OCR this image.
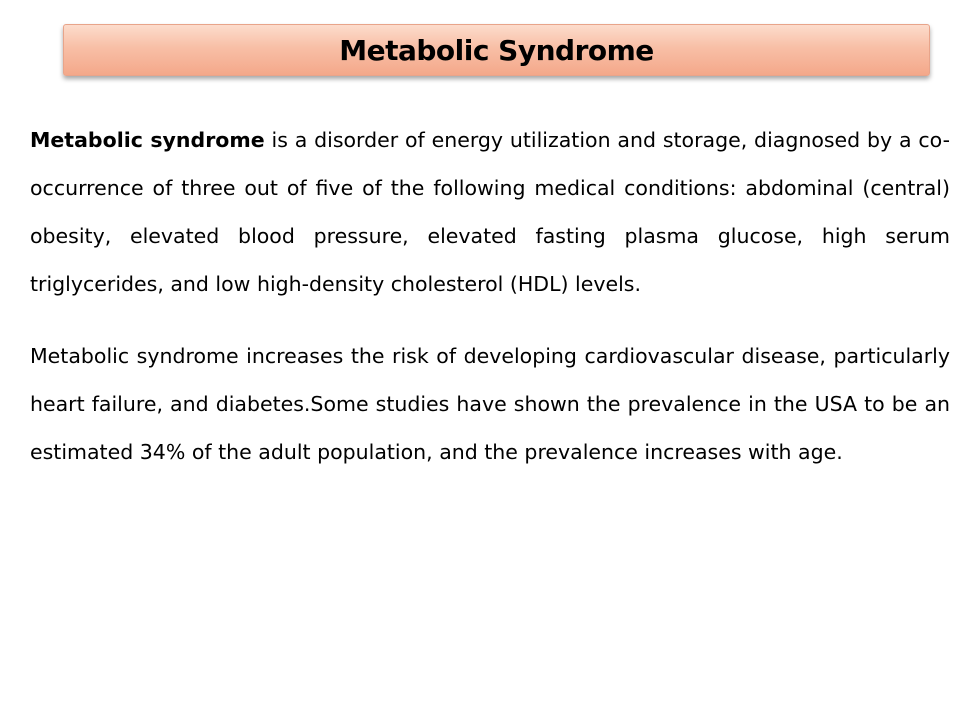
Metabolic Syndrome

Metabolic syndrome is a disorder of energy utilization and storage, diagnosed by a co-occurrence of three out of five of the following medical conditions: abdominal (central) obesity, elevated blood pressure, elevated fasting plasma glucose, high serum triglycerides, and low high-density cholesterol (HDL) levels.

Metabolic syndrome increases the risk of developing cardiovascular disease, particularly heart failure, and diabetes.Some studies have shown the prevalence in the USA to be an estimated 34% of the adult population, and the prevalence increases with age.
